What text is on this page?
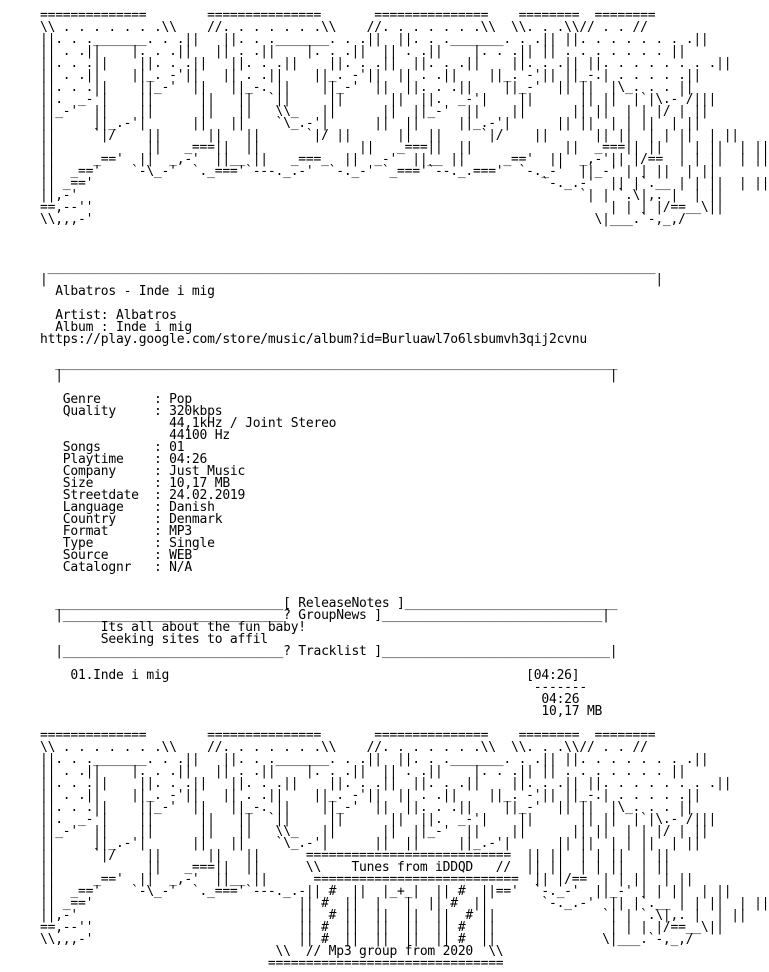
==============        ===============       ===============    ========  ========
\\ . . . . . . .\\    //. . . . . . .\\    //. . . . . . .\\  \\. . .\\// . . //
||. . ._______. . .||   ||. . ._______. . .||  ||. . ._______. . .|| ||. . . . . . . .||
|| . .||    |. . .||   || . .||    |. . .||  || . .||    |. . .|| || . . . . . . . ||
||. . .||    ||. . .||   ||. . .||    ||. . .||  ||. . .||    ||. . .|| ||. . . . . . . .||
|| . .||    ||_. -'||   || . .||    ||_. -'||  || . .||    ||_. -'|| ||_-.| . . . . .||
||. . .||    ||_-'  ||   ||_-. ||    ||_-'  ||  ||. . .||    ||_-'  || ||  |\_. . . ||
||.  _-'|    ||      ||   ||  `||     ||      ||  ||.  _-'|    ||      || ||  |`|\.-'/|||
||_-'  ||    ||      ||   ||   \\_   ||      ||  ||_-'  ||    ||      || ||  | | |/ | ||
||     ||_.-'|      ||   ||    `\_.-'|      ||  ||     ||_.-'|      || ||  | | ||  | ||
||     `|/    ||      ||   ||      `|/ ||      ||  ||     `|/    ||      || ||  | | ||  | ||
||            ||   _===||  ||             ||   _===||  ||            ||  _===|| ||  | | ||  | ||
||     _=='  ||  _,-'  ||__ ||   _===_  ||  _-'  ||__ ||     _=='  ||  _,-'|| |/==  | | ||  | ||
||  _=='    `-\_-'  `._==='`---._.-'  `-._-' `_==='`--._.==='  `-._-'  ||_-' | | ||  | ||
|| _=='                                                           `-._.-'  || |`.__ | | ||  | ||
||,-'                                                                  `| | `.\|,. |  | ||
==,--''                                                                    | | | |/==__\||
\\,,,-'                                                                  \|___.`-,_,/
________________________________________________________________________________
|                                                                                |
Albatros - Inde i mig
Artist: Albatros
Album : Inde i mig
https://play.google.com/store/music/album?id=Burluawl7o6lsbumvh3qij2cvnu
__________________________________________________________________________
|                                                                        |
Genre       : Pop
Quality     : 320kbps
44,1kHz / Joint Stereo
44100 Hz
Songs       : 01
Playtime    : 04:26
Company     : Just Music
Size        : 10,17 MB
Streetdate  : 24.02.2019
Language    : Danish
Country     : Denmark
Format      : MP3
Type        : Single
Source      : WEB
Catalognr   : N/A
______________________________[ ReleaseNotes ]____________________________
|_____________________________? GroupNews ]_____________________________|
Its all about the fun baby!
Seeking sites to affil
|_____________________________? Tracklist ]______________________________|
01.Inde i mig                                               [04:26]
-------
04:26
10,17 MB
==============        ===============       ===============    ========  ========
\\ . . . . . . .\\    //. . . . . . .\\    //. . . . . . .\\  \\. . .\\// . . //
||. . ._______. . .||   ||. . ._______. . .||  ||. . ._______. . .|| ||. . . . . . . .||
|| . .||    |. . .||   || . .||    |. . .||  || . .||    |. . .|| || . . . . . . . ||
||. . .||    ||. . .||   ||. . .||    ||. . .||  ||. . .||    ||. . .|| ||. . . . . . . .||
|| . .||    ||_. -'||   || . .||    ||_. -'||  || . .||    ||_. -'|| ||_-.| . . . . .||
||. . .||    ||_-'  ||   ||_-. ||    ||_-'  ||  ||. . .||    ||_-'  || ||  |\_. . . ||
||.  _-'|    ||      ||   ||  `||     ||      ||  ||.  _-'|    ||      || ||  |`|\.-'/|||
||_-'  ||    ||      ||   ||   \\_   ||      ||  ||_-'  ||    ||      || ||  | | |/ | ||
||     ||_.-'|      ||   ||    `\_.-'|      ||  ||     ||_.-'|      || ||  | | ||  | ||
||     `|/    ||      ||   ||      ===========================  || ||  | | ||  | ||
||            ||   _===||  ||      \\    Tunes from iDDQD   //  || ||  | | ||  | ||
||     _=='  ||  _,-'  ||__ ||      ===========================  || |/==  | | ||  | ||
||  _=='    `-\_-'  `._==='`---._.-|| #  ||  |_+_|  || #  ||=='  `-._-'  ||_-' | | ||  | ||
|| _=='                           || #  ||  |   |  || #  ||       `-._.-'  || |`.__ | | ||  | ||
||,-'                             ||  # ||  ||  ||  ||  # ||              `| | `.\|,. |  | ||
==,--''                           || #  ||  ||  ||  || #  ||               | | | |/==__\||
\\,,,-'                           || #  ||  ||  ||  || #  ||              \|___.`-,_,/
\\  // Mp3 group from 2020  \\
===============================
